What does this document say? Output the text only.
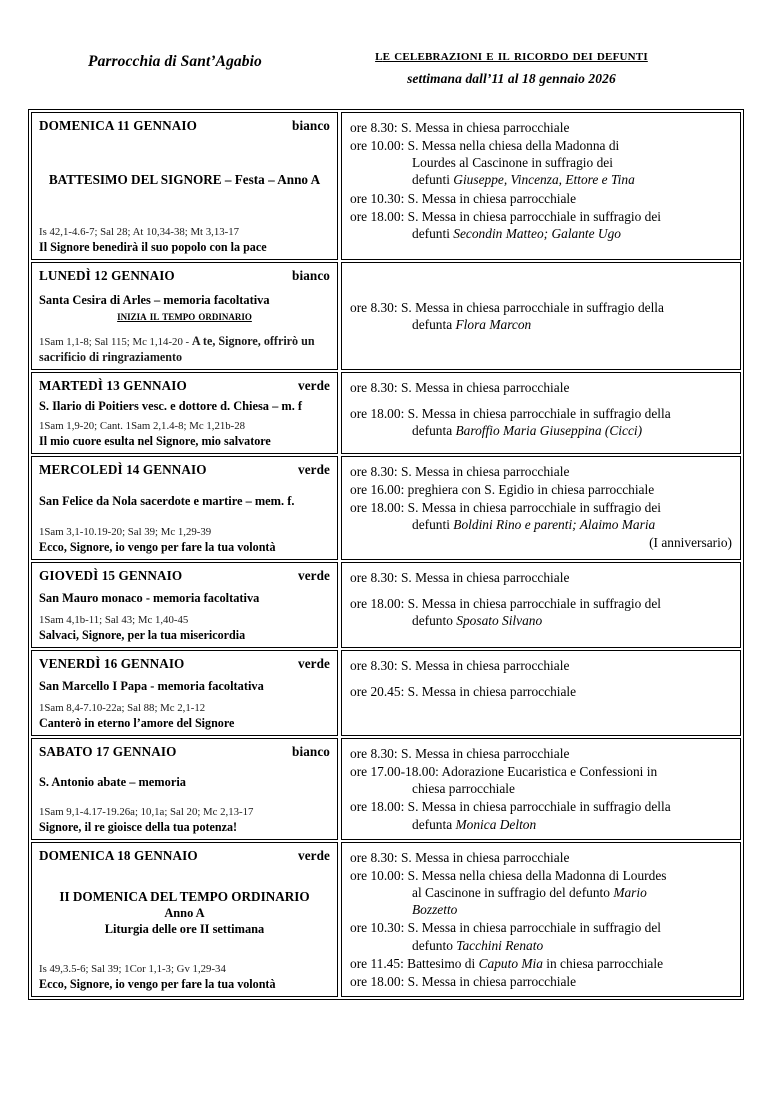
Parrocchia di Sant’Agabio	le celebrazioni e il ricordo dei defunti
settimana dall’11 al 18 gennaio 2026
DOMENICA 11 GENNAIO	bianco
BATTESIMO DEL SIGNORE – Festa – Anno A
Is 42,1-4.6-7; Sal 28; At 10,34-38; Mt 3,13-17
Il Signore benedirà il suo popolo con la pace
ore 8.30: S. Messa in chiesa parrocchiale
ore 10.00: S. Messa nella chiesa della Madonna di
Lourdes al Cascinone in suffragio dei
defunti Giuseppe, Vincenza, Ettore e Tina
ore 10.30: S. Messa in chiesa parrocchiale
ore 18.00: S. Messa in chiesa parrocchiale in suffragio dei
defunti Secondin Matteo; Galante Ugo
LUNEDÌ 12 GENNAIO	bianco
Santa Cesira di Arles – memoria facoltativa
inizia il tempo ordinario
1Sam 1,1-8; Sal 115; Mc 1,14-20 - A te, Signore, offrirò un sacrificio di ringraziamento
ore 8.30: S. Messa in chiesa parrocchiale in suffragio della
defunta Flora Marcon
MARTEDÌ 13 GENNAIO	verde
S. Ilario di Poitiers vesc. e dottore d. Chiesa – m. f
1Sam 1,9-20; Cant. 1Sam 2,1.4-8; Mc 1,21b-28
Il mio cuore esulta nel Signore, mio salvatore
ore 8.30: S. Messa in chiesa parrocchiale
ore 18.00: S. Messa in chiesa parrocchiale in suffragio della
defunta Baroffio Maria Giuseppina (Cicci)
MERCOLEDÌ 14 GENNAIO	verde
San Felice da Nola sacerdote e martire – mem. f.
1Sam 3,1-10.19-20; Sal 39; Mc 1,29-39
Ecco, Signore, io vengo per fare la tua volontà
ore 8.30: S. Messa in chiesa parrocchiale
ore 16.00: preghiera con S. Egidio in chiesa parrocchiale
ore 18.00: S. Messa in chiesa parrocchiale in suffragio dei
defunti Boldini Rino e parenti; Alaimo Maria
(I anniversario)
GIOVEDÌ 15 GENNAIO	verde
San Mauro monaco - memoria facoltativa
1Sam 4,1b-11; Sal 43; Mc 1,40-45
Salvaci, Signore, per la tua misericordia
ore 8.30: S. Messa in chiesa parrocchiale
ore 18.00: S. Messa in chiesa parrocchiale in suffragio del
defunto Sposato Silvano
VENERDÌ 16 GENNAIO	verde
San Marcello I Papa - memoria facoltativa
1Sam 8,4-7.10-22a; Sal 88; Mc 2,1-12
Canterò in eterno l’amore del Signore
ore 8.30: S. Messa in chiesa parrocchiale
ore 20.45: S. Messa in chiesa parrocchiale
SABATO 17 GENNAIO	bianco
S. Antonio abate – memoria
1Sam 9,1-4.17-19.26a; 10,1a; Sal 20; Mc 2,13-17
Signore, il re gioisce della tua potenza!
ore 8.30: S. Messa in chiesa parrocchiale
ore 17.00-18.00: Adorazione Eucaristica e Confessioni in
chiesa parrocchiale
ore 18.00: S. Messa in chiesa parrocchiale in suffragio della
defunta Monica Delton
DOMENICA 18 GENNAIO	verde
II DOMENICA DEL TEMPO ORDINARIO
Anno A
Liturgia delle ore II settimana
Is 49,3.5-6; Sal 39; 1Cor 1,1-3; Gv 1,29-34
Ecco, Signore, io vengo per fare la tua volontà
ore 8.30: S. Messa in chiesa parrocchiale
ore 10.00: S. Messa nella chiesa della Madonna di Lourdes
al Cascinone in suffragio del defunto Mario
Bozzetto
ore 10.30: S. Messa in chiesa parrocchiale in suffragio del
defunto Tacchini Renato
ore 11.45: Battesimo di Caputo Mia in chiesa parrocchiale
ore 18.00: S. Messa in chiesa parrocchiale
